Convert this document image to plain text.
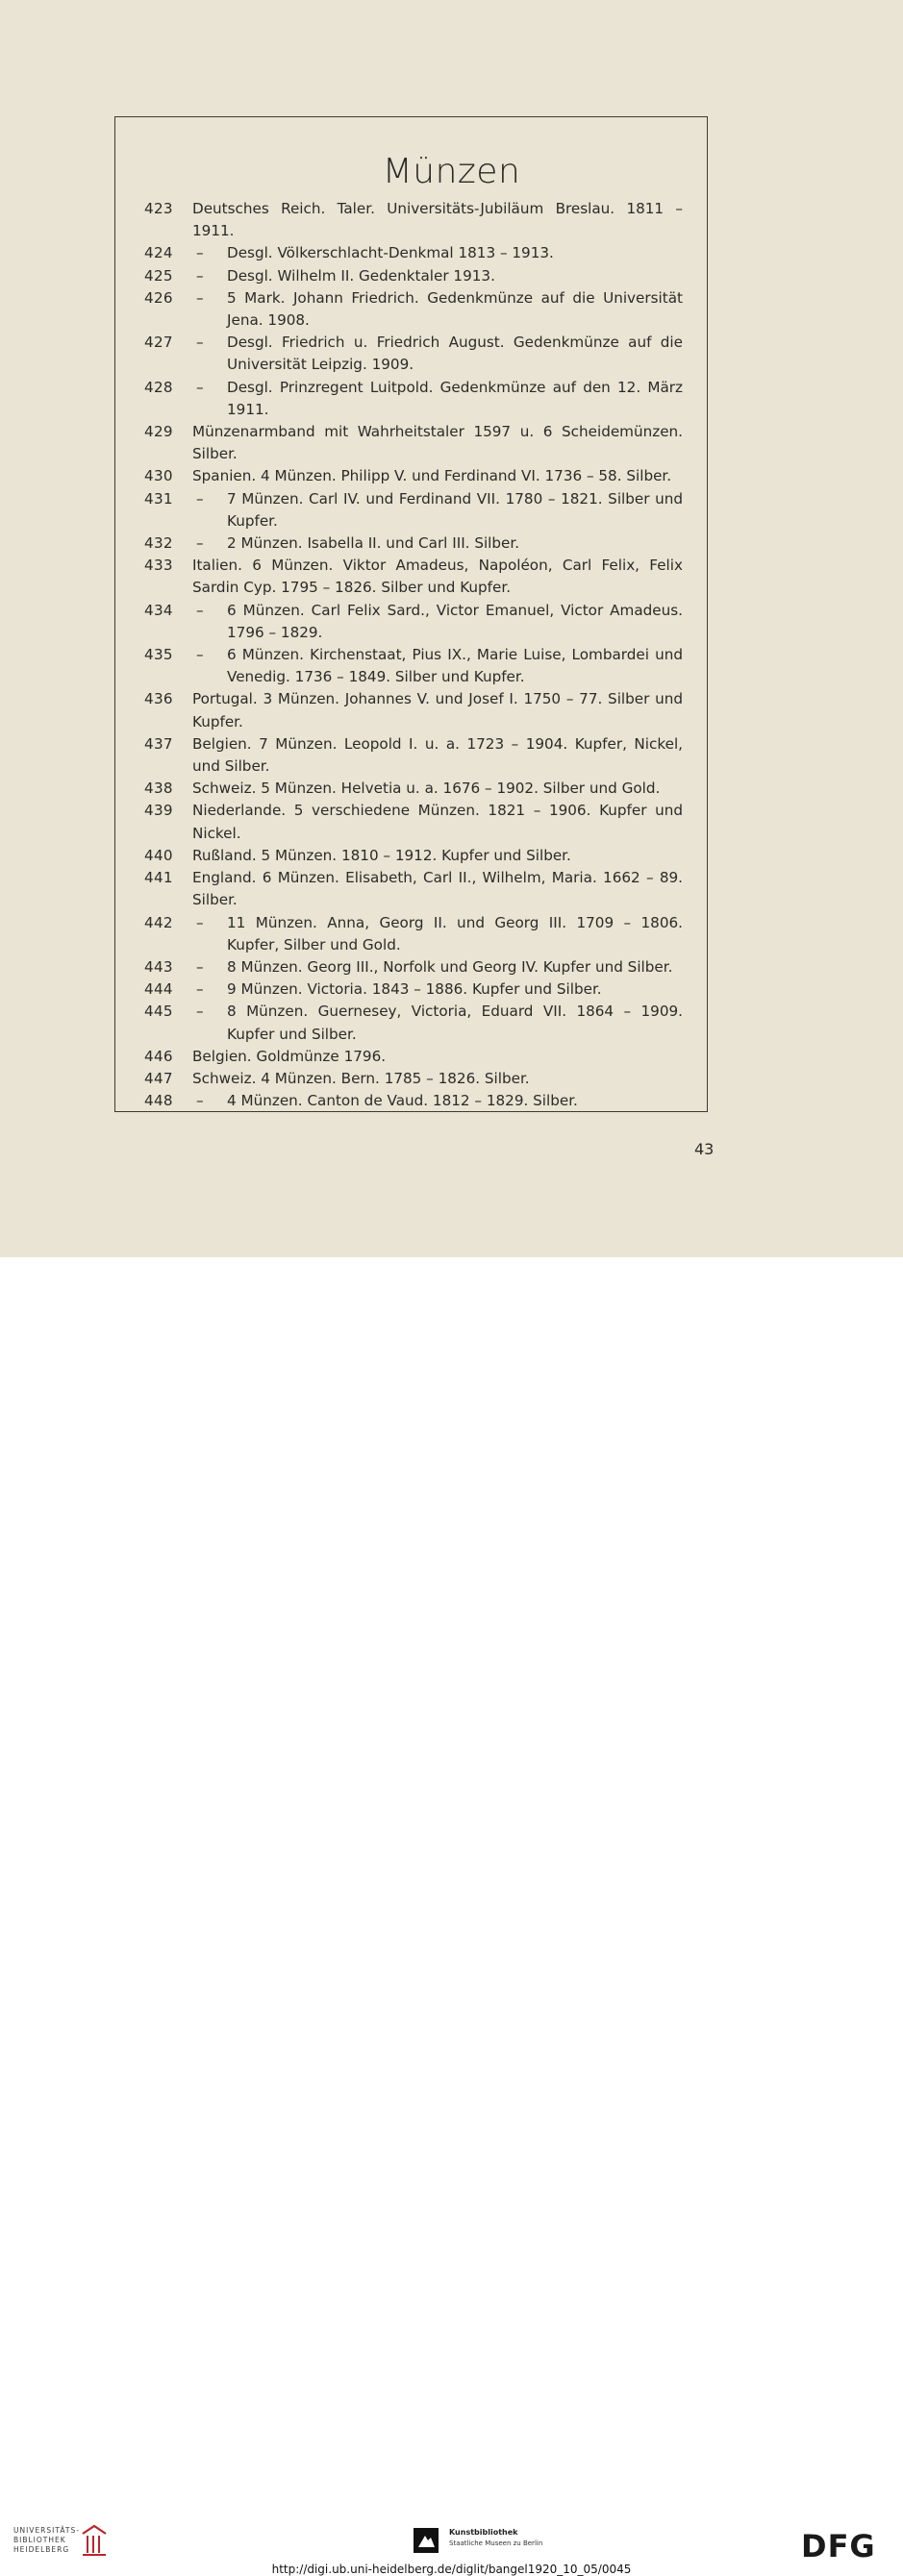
Münzen
423	Deutsches Reich. Taler. Universitäts-Jubiläum Breslau. 1811 – 1911.
424	–	Desgl. Völkerschlacht-Denkmal 1813 – 1913.
425	–	Desgl. Wilhelm II. Gedenktaler 1913.
426	–	5 Mark. Johann Friedrich. Gedenkmünze auf die Universität Jena. 1908.
427	–	Desgl. Friedrich u. Friedrich August. Gedenkmünze auf die Universität Leipzig. 1909.
428	–	Desgl. Prinzregent Luitpold. Gedenkmünze auf den 12. März 1911.
429	Münzenarmband mit Wahrheitstaler 1597 u. 6 Scheidemünzen. Silber.
430	Spanien. 4 Münzen. Philipp V. und Ferdinand VI. 1736 – 58. Silber.
431	–	7 Münzen. Carl IV. und Ferdinand VII. 1780 – 1821. Silber und Kupfer.
432	–	2 Münzen. Isabella II. und Carl III. Silber.
433	Italien. 6 Münzen. Viktor Amadeus, Napoléon, Carl Felix, Felix Sardin Cyp. 1795 – 1826. Silber und Kupfer.
434	–	6 Münzen. Carl Felix Sard., Victor Emanuel, Victor Amadeus. 1796 – 1829.
435	–	6 Münzen. Kirchenstaat, Pius IX., Marie Luise, Lombardei und Venedig. 1736 – 1849. Silber und Kupfer.
436	Portugal. 3 Münzen. Johannes V. und Josef I. 1750 – 77. Silber und Kupfer.
437	Belgien. 7 Münzen. Leopold I. u. a. 1723 – 1904. Kupfer, Nickel, und Silber.
438	Schweiz. 5 Münzen. Helvetia u. a. 1676 – 1902. Silber und Gold.
439	Niederlande. 5 verschiedene Münzen. 1821 – 1906. Kupfer und Nickel.
440	Rußland. 5 Münzen. 1810 – 1912. Kupfer und Silber.
441	England. 6 Münzen. Elisabeth, Carl II., Wilhelm, Maria. 1662 – 89. Silber.
442	–	11 Münzen. Anna, Georg II. und Georg III. 1709 – 1806. Kupfer, Silber und Gold.
443	–	8 Münzen. Georg III., Norfolk und Georg IV. Kupfer und Silber.
444	–	9 Münzen. Victoria. 1843 – 1886. Kupfer und Silber.
445	–	8 Münzen. Guernesey, Victoria, Eduard VII. 1864 – 1909. Kupfer und Silber.
446	Belgien. Goldmünze 1796.
447	Schweiz. 4 Münzen. Bern. 1785 – 1826. Silber.
448	–	4 Münzen. Canton de Vaud. 1812 – 1829. Silber.
43
UNIVERSITÄTS-
BIBLIOTHEK
HEIDELBERG
Kunstbibliothek
Staatliche Museen zu Berlin	DFG
http://digi.ub.uni-heidelberg.de/diglit/bangel1920_10_05/0045
